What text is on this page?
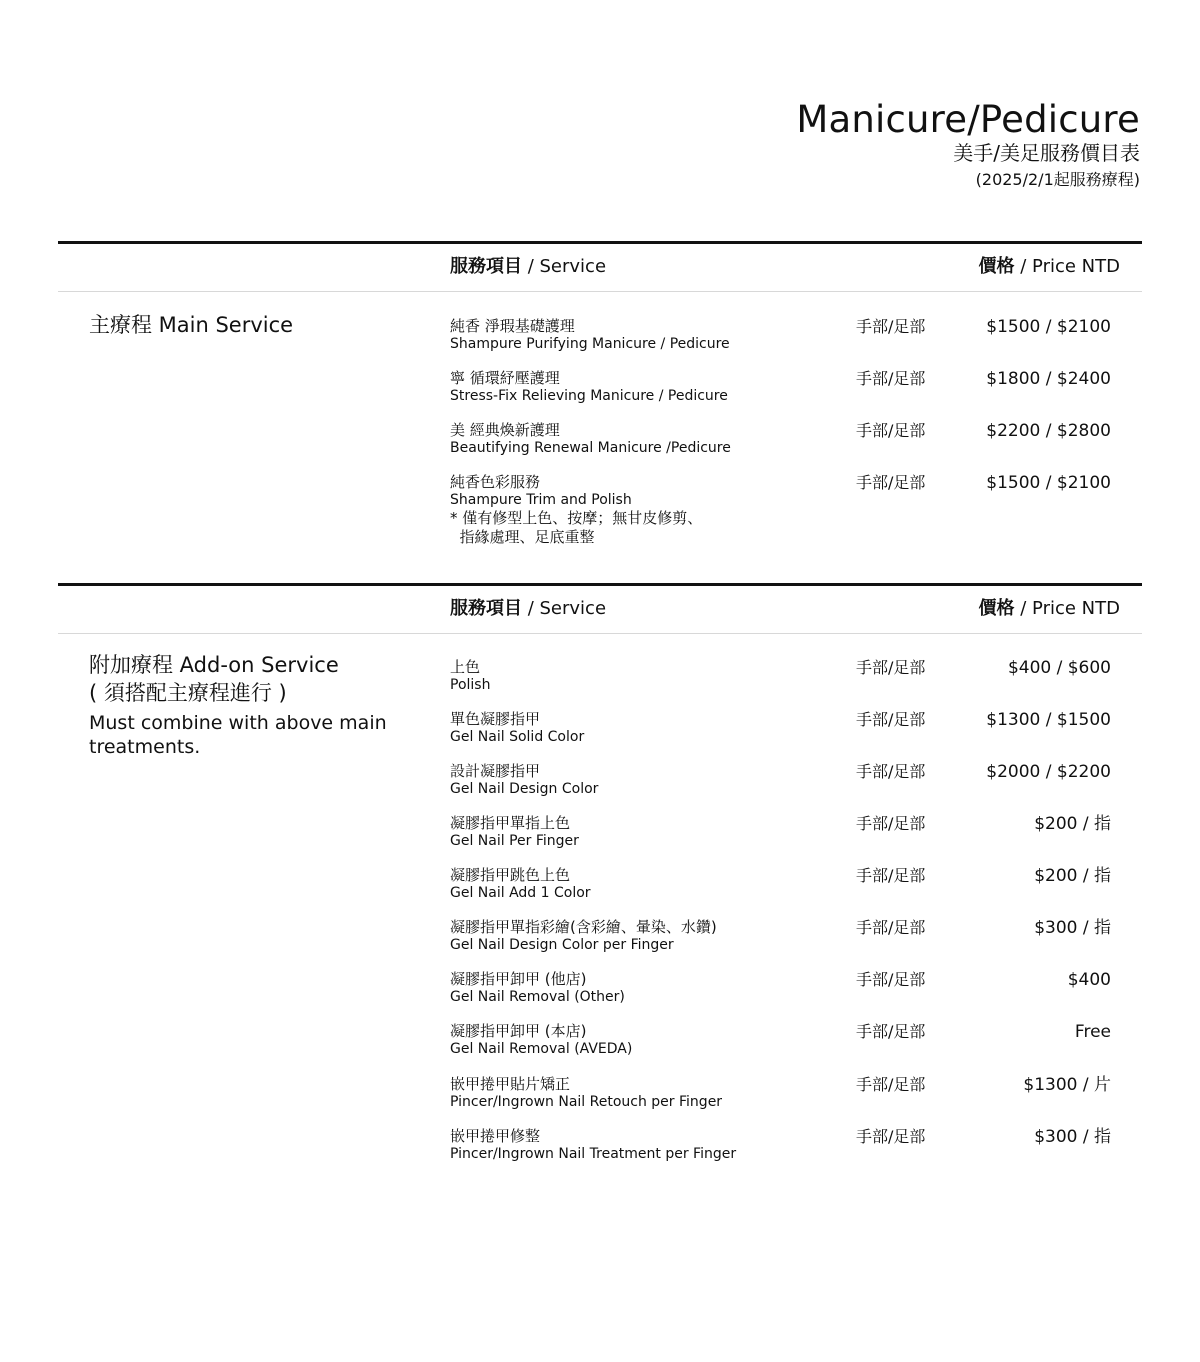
Manicure/Pedicure
美手/美足服務價目表
(2025/2/1起服務療程)
服務項目 / Service	價格 / Price NTD
主療程 Main Service	純香 淨瑕基礎護理
Shampure Purifying Manicure / Pedicure
手部/足部	$1500 / $2100
寧 循環紓壓護理
Stress-Fix Relieving Manicure / Pedicure
手部/足部	$1800 / $2400
美 經典煥新護理
Beautifying Renewal Manicure /Pedicure
手部/足部	$2200 / $2800
純香色彩服務
Shampure Trim and Polish
* 僅有修型上色、按摩；無甘皮修剪、
指緣處理、足底重整
手部/足部	$1500 / $2100
服務項目 / Service	價格 / Price NTD
附加療程 Add-on Service
( 須搭配主療程進行 )
Must combine with above main treatments.
上色
Polish
手部/足部	$400 / $600
單色凝膠指甲
Gel Nail Solid Color
手部/足部	$1300 / $1500
設計凝膠指甲
Gel Nail Design Color
手部/足部	$2000 / $2200
凝膠指甲單指上色
Gel Nail Per Finger
手部/足部	$200 / 指
凝膠指甲跳色上色
Gel Nail Add 1 Color
手部/足部	$200 / 指
凝膠指甲單指彩繪(含彩繪、暈染、水鑽)
Gel Nail Design Color per Finger
手部/足部	$300 / 指
凝膠指甲卸甲 (他店)
Gel Nail Removal (Other)
手部/足部	$400
凝膠指甲卸甲 (本店)
Gel Nail Removal (AVEDA)
手部/足部	Free
嵌甲捲甲貼片矯正
Pincer/Ingrown Nail Retouch per Finger
手部/足部	$1300 / 片
嵌甲捲甲修整
Pincer/Ingrown Nail Treatment per Finger
手部/足部	$300 / 指
